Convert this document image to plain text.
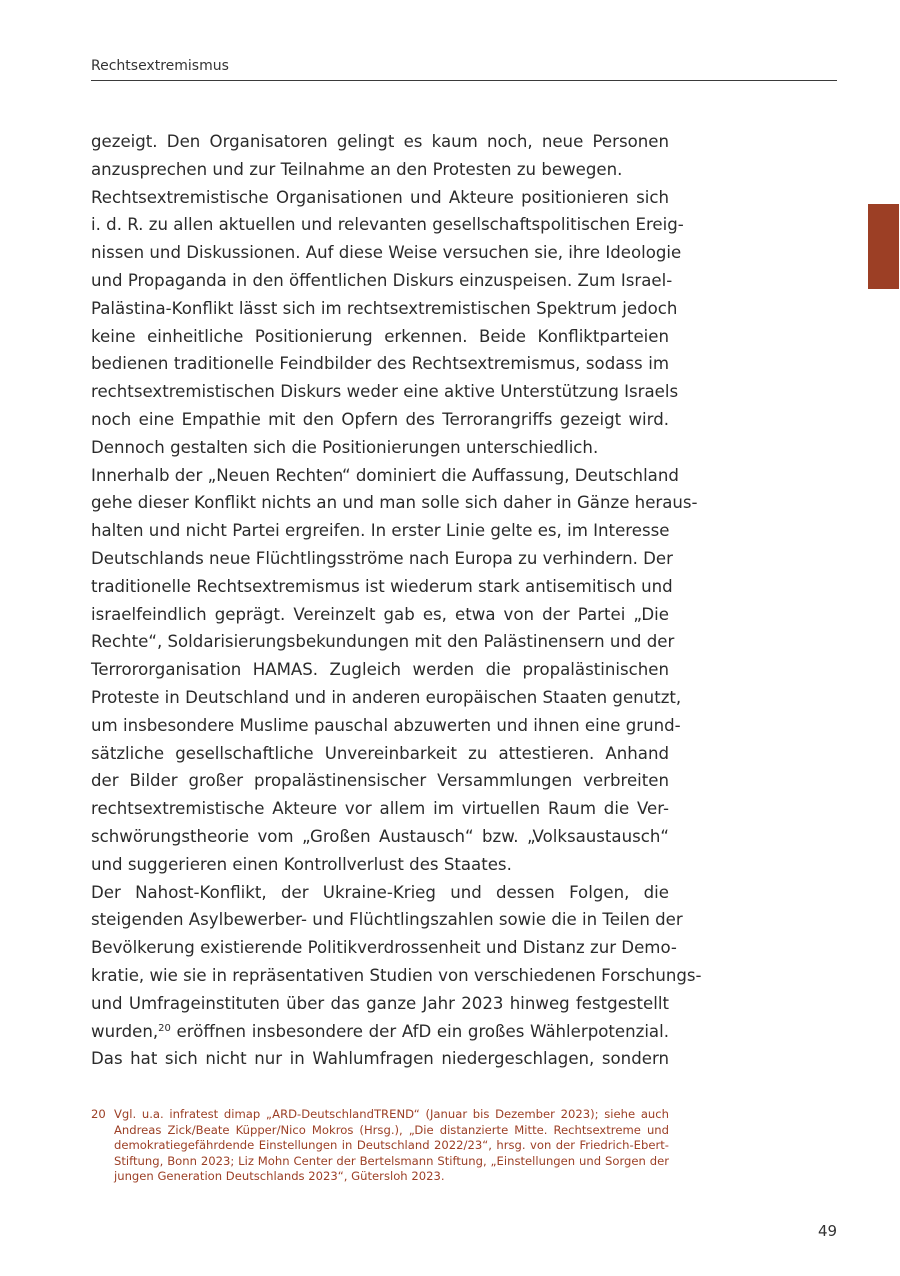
Rechtsextremismus

gezeigt. Den Organisatoren gelingt es kaum noch, neue Personen
anzusprechen und zur Teilnahme an den Protesten zu bewegen.

Rechtsextremistische Organisationen und Akteure positionieren sich
i. d. R. zu allen aktuellen und relevanten gesellschaftspolitischen Ereig-
nissen und Diskussionen. Auf diese Weise versuchen sie, ihre Ideologie
und Propaganda in den öffentlichen Diskurs einzuspeisen. Zum Israel-
Palästina-Konflikt lässt sich im rechtsextremistischen Spektrum jedoch
keine einheitliche Positionierung erkennen. Beide Konfliktparteien
bedienen traditionelle Feindbilder des Rechtsextremismus, sodass im
rechtsextremistischen Diskurs weder eine aktive Unterstützung Israels
noch eine Empathie mit den Opfern des Terrorangriffs gezeigt wird.
Dennoch gestalten sich die Positionierungen unterschiedlich.

Innerhalb der „Neuen Rechten“ dominiert die Auffassung, Deutschland
gehe dieser Konflikt nichts an und man solle sich daher in Gänze heraus-
halten und nicht Partei ergreifen. In erster Linie gelte es, im Interesse
Deutschlands neue Flüchtlingsströme nach Europa zu verhindern. Der
traditionelle Rechtsextremismus ist wiederum stark antisemitisch und
israelfeindlich geprägt. Vereinzelt gab es, etwa von der Partei „Die
Rechte“, Soldarisierungsbekundungen mit den Palästinensern und der
Terrororganisation HAMAS. Zugleich werden die propalästinischen
Proteste in Deutschland und in anderen europäischen Staaten genutzt,
um insbesondere Muslime pauschal abzuwerten und ihnen eine grund-
sätzliche gesellschaftliche Unvereinbarkeit zu attestieren. Anhand
der Bilder großer propalästinensischer Versammlungen verbreiten
rechtsextremistische Akteure vor allem im virtuellen Raum die Ver-
schwörungstheorie vom „Großen Austausch“ bzw. „Volksaustausch“
und suggerieren einen Kontrollverlust des Staates.

Der Nahost-Konflikt, der Ukraine-Krieg und dessen Folgen, die
steigenden Asylbewerber- und Flüchtlingszahlen sowie die in Teilen der
Bevölkerung existierende Politikverdrossenheit und Distanz zur Demo-
kratie, wie sie in repräsentativen Studien von verschiedenen Forschungs-
und Umfrageinstituten über das ganze Jahr 2023 hinweg festgestellt
wurden,$^{20}$ eröffnen insbesondere der AfD ein großes Wählerpotenzial.
Das hat sich nicht nur in Wahlumfragen niedergeschlagen, sondern

20 Vgl. u.a. infratest dimap „ARD-DeutschlandTREND“ (Januar bis Dezember 2023); siehe auch
Andreas Zick/Beate Küpper/Nico Mokros (Hrsg.), „Die distanzierte Mitte. Rechtsextreme und
demokratiegefährdende Einstellungen in Deutschland 2022/23“, hrsg. von der Friedrich-Ebert-
Stiftung, Bonn 2023; Liz Mohn Center der Bertelsmann Stiftung, „Einstellungen und Sorgen der
jungen Generation Deutschlands 2023“, Gütersloh 2023.
49
